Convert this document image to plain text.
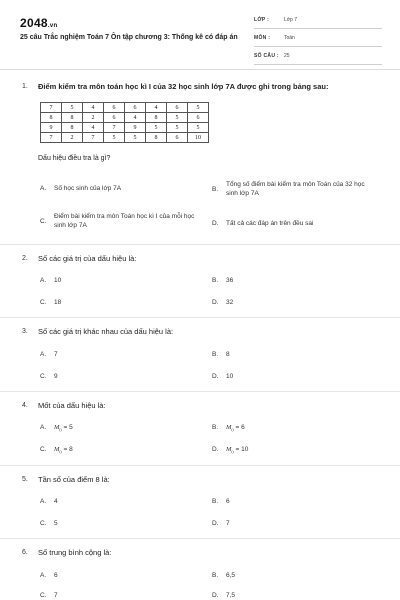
2048.vn
25 câu Trắc nghiệm Toán 7 Ôn tập chương 3: Thống kê có đáp án
LỚP :	Lớp 7
MÔN :	Toán
SỐ CÂU : 25
1. Điểm kiểm tra môn toán học kì I của 32 học sinh lớp 7A được ghi trong bảng sau:
7	5	4	6	6	4	6	5
8	8	2	6	4	8	5	6
9	8	4	7	9	5	5	5
7	2	7	5	5	8	6	10
Dấu hiệu điều tra là gì?
A. Số học sinh của lớp 7A	B.
Tổng số điểm bài kiểm tra môn Toán của 32 học sinh lớp 7A
C.
Điểm bài kiểm tra môn Toán học kì I của mỗi học sinh lớp 7A	D. Tất cả các đáp án trên đều sai
2. Số các giá trị của dấu hiệu là:
A. 10	B. 36
C. 18	D. 32
3. Số các giá trị khác nhau của dấu hiệu là:
A. 7	B. 8
C. 9	D. 10
4. Mốt của dấu hiệu là:
A. $M_0 = 5$	B. $M_0 = 6$
C. $M_0 = 8$	D. $M_0 = 10$
5. Tần số của điểm 8 là:
A. 4	B. 6
C. 5	D. 7
6. Số trung bình cộng là:
A. 6	B. 6,5
C. 7	D. 7,5
